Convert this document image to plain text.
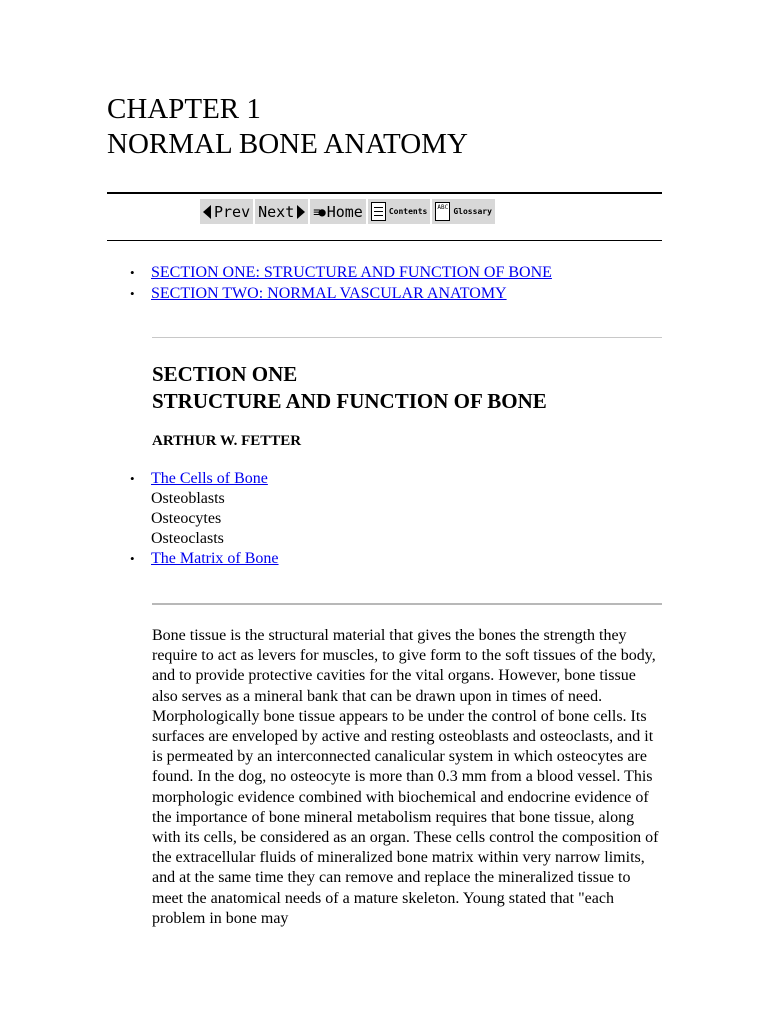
CHAPTER 1
NORMAL BONE ANATOMY
Prev Next ≡● Home	Contents	ABC Glossary
• SECTION ONE: STRUCTURE AND FUNCTION OF BONE
• SECTION TWO: NORMAL VASCULAR ANATOMY
SECTION ONE
STRUCTURE AND FUNCTION OF BONE

ARTHUR W. FETTER

• The Cells of Bone
Osteoblasts
Osteocytes
Osteoclasts
• The Matrix of Bone

Bone tissue is the structural material that gives the bones the strength they require to act as levers for muscles, to give form to the soft tissues of the body, and to provide protective cavities for the vital organs. However, bone tissue also serves as a mineral bank that can be drawn upon in times of need. Morphologically bone tissue appears to be under the control of bone cells. Its surfaces are enveloped by active and resting osteoblasts and osteoclasts, and it is permeated by an interconnected canalicular system in which osteocytes are found. In the dog, no osteocyte is more than 0.3 mm from a blood vessel. This morphologic evidence combined with biochemical and endocrine evidence of the importance of bone mineral metabolism requires that bone tissue, along with its cells, be considered as an organ. These cells control the composition of the extracellular fluids of mineralized bone matrix within very narrow limits, and at the same time they can remove and replace the mineralized tissue to meet the anatomical needs of a mature skeleton. Young stated that "each problem in bone may
